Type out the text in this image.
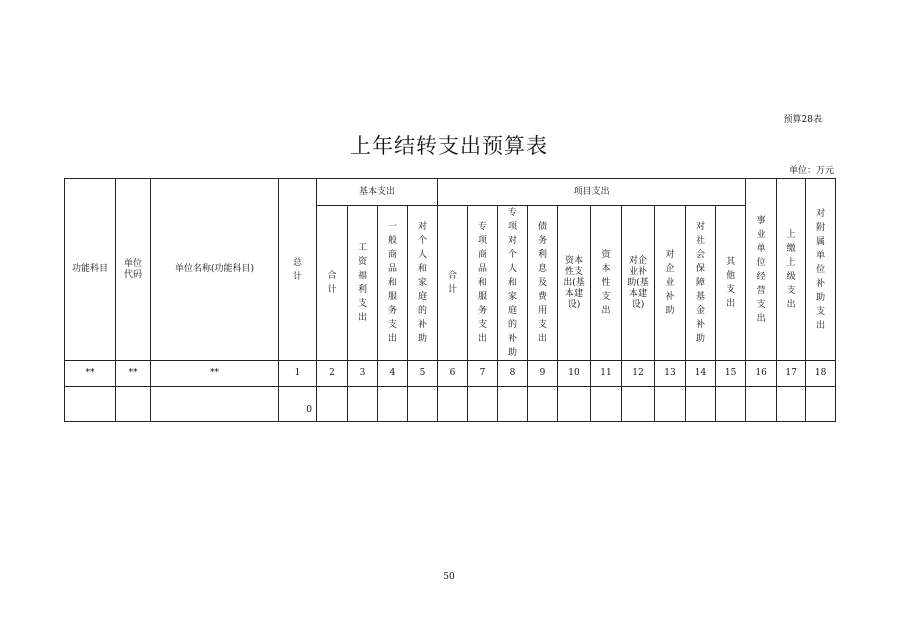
预算28表
上年结转支出预算表
单位：万元
功能科目	单位代码	单位名称(功能科目)	总计	基本支出				项目支出										事业单位经营支出	上缴上级支出	对附属单位补助支出
				合计	工资福利支出	一般商品和服务支出	对个人和家庭的补助	合计	专项商品和服务支出	专项对个人和家庭的补助	债务利息及费用支出	资本性支出(基本建设)	资本性支出	对企业补助(基本建设)	对企业补助	对社会保障基金补助	其他支出			
**	**	**	1	2	3	4	5	6	7	8	9	10	11	12	13	14	15	16	17	18
			0																	
50
